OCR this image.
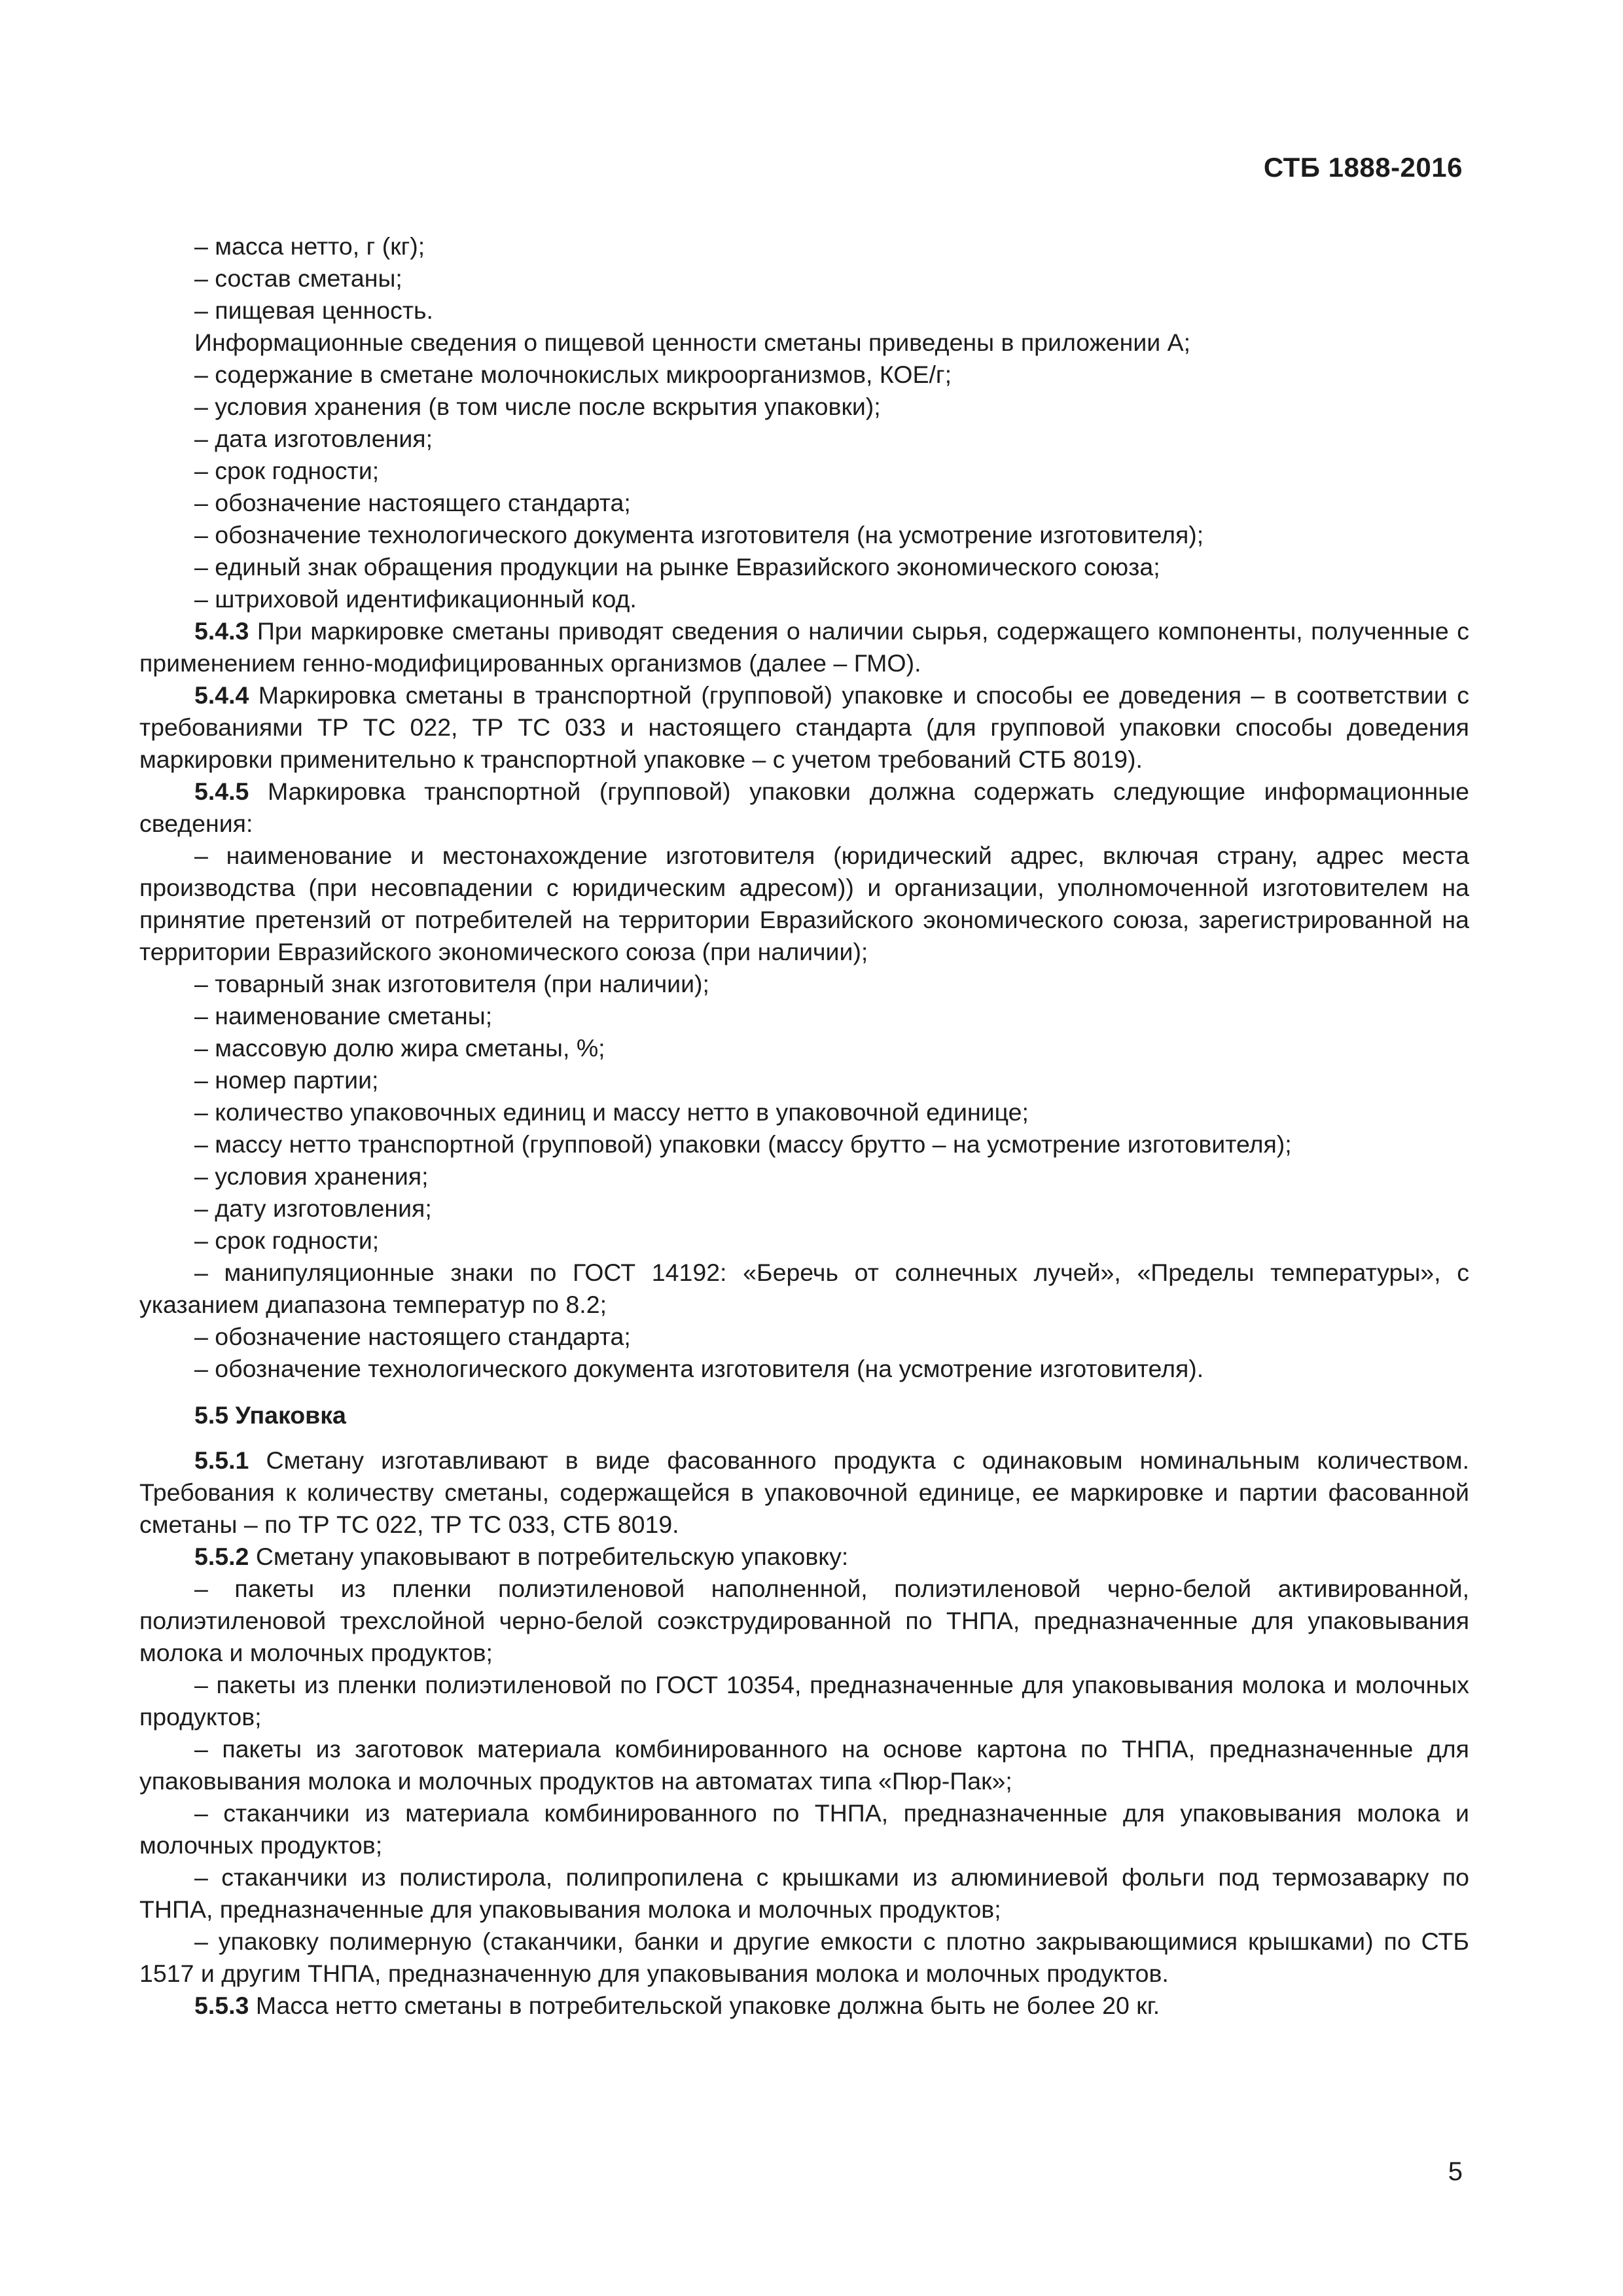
СТБ 1888-2016

– масса нетто, г (кг);

– состав сметаны;

– пищевая ценность.

Информационные сведения о пищевой ценности сметаны приведены в приложении А;

– содержание в сметане молочнокислых микроорганизмов, КОЕ/г;

– условия хранения (в том числе после вскрытия упаковки);

– дата изготовления;

– срок годности;

– обозначение настоящего стандарта;

– обозначение технологического документа изготовителя (на усмотрение изготовителя);

– единый знак обращения продукции на рынке Евразийского экономического союза;

– штриховой идентификационный код.

5.4.3 При маркировке сметаны приводят сведения о наличии сырья, содержащего компоненты, полученные с применением генно-модифицированных организмов (далее – ГМО).

5.4.4 Маркировка сметаны в транспортной (групповой) упаковке и способы ее доведения – в соответствии с требованиями ТР ТС 022, ТР ТС 033 и настоящего стандарта (для групповой упаковки способы доведения маркировки применительно к транспортной упаковке – с учетом требований СТБ 8019).

5.4.5 Маркировка транспортной (групповой) упаковки должна содержать следующие информационные сведения:

– наименование и местонахождение изготовителя (юридический адрес, включая страну, адрес места производства (при несовпадении с юридическим адресом)) и организации, уполномоченной изготовителем на принятие претензий от потребителей на территории Евразийского экономического союза, зарегистрированной на территории Евразийского экономического союза (при наличии);

– товарный знак изготовителя (при наличии);

– наименование сметаны;

– массовую долю жира сметаны, %;

– номер партии;

– количество упаковочных единиц и массу нетто в упаковочной единице;

– массу нетто транспортной (групповой) упаковки (массу брутто – на усмотрение изготовителя);

– условия хранения;

– дату изготовления;

– срок годности;

– манипуляционные знаки по ГОСТ 14192: «Беречь от солнечных лучей», «Пределы температуры», с указанием диапазона температур по 8.2;

– обозначение настоящего стандарта;

– обозначение технологического документа изготовителя (на усмотрение изготовителя).

5.5 Упаковка

5.5.1 Сметану изготавливают в виде фасованного продукта с одинаковым номинальным количеством. Требования к количеству сметаны, содержащейся в упаковочной единице, ее маркировке и партии фасованной сметаны – по ТР ТС 022, ТР ТС 033, СТБ 8019.

5.5.2 Сметану упаковывают в потребительскую упаковку:

– пакеты из пленки полиэтиленовой наполненной, полиэтиленовой черно-белой активированной, полиэтиленовой трехслойной черно-белой соэкструдированной по ТНПА, предназначенные для упаковывания молока и молочных продуктов;

– пакеты из пленки полиэтиленовой по ГОСТ 10354, предназначенные для упаковывания молока и молочных продуктов;

– пакеты из заготовок материала комбинированного на основе картона по ТНПА, предназначенные для упаковывания молока и молочных продуктов на автоматах типа «Пюр-Пак»;

– стаканчики из материала комбинированного по ТНПА, предназначенные для упаковывания молока и молочных продуктов;

– стаканчики из полистирола, полипропилена с крышками из алюминиевой фольги под термозаварку по ТНПА, предназначенные для упаковывания молока и молочных продуктов;

– упаковку полимерную (стаканчики, банки и другие емкости с плотно закрывающимися крышками) по СТБ 1517 и другим ТНПА, предназначенную для упаковывания молока и молочных продуктов.

5.5.3 Масса нетто сметаны в потребительской упаковке должна быть не более 20 кг.

5
